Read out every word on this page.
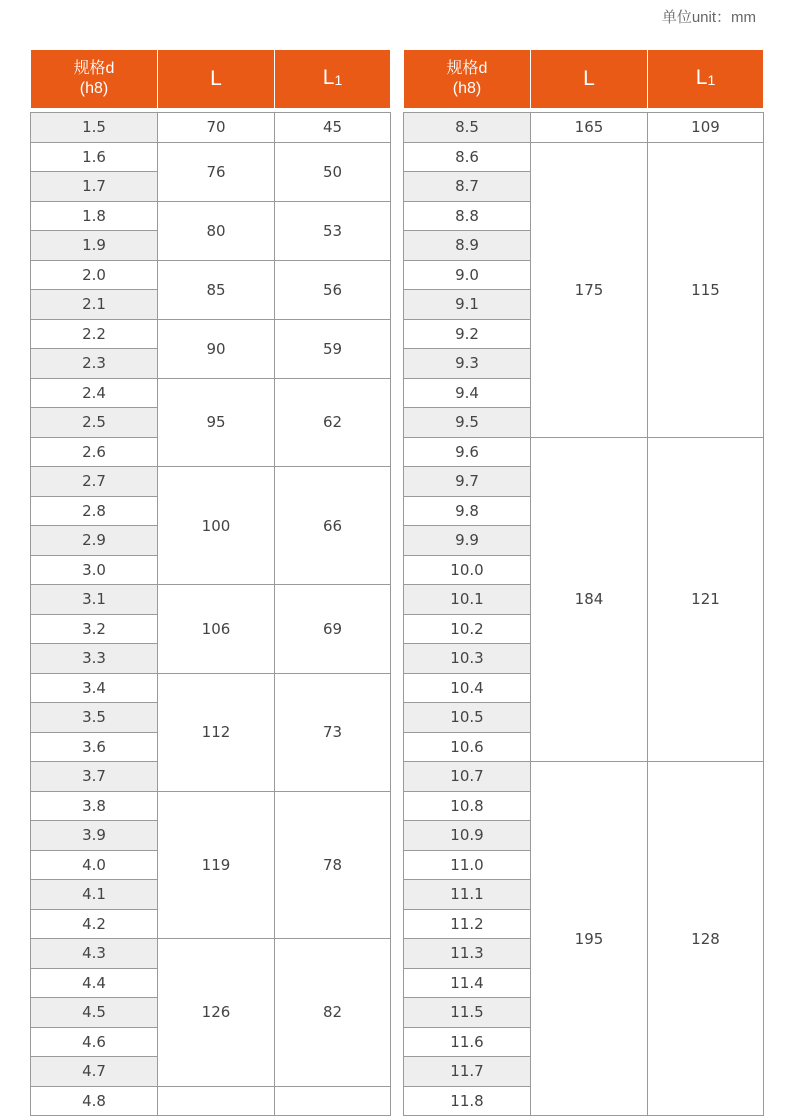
单位unit：mm
规格d
(h8)	L	$L_1$

1.5	70	45
1.6	76	50
1.7		
1.8	80	53
1.9		
2.0	85	56
2.1		
2.2	90	59
2.3		
2.4	95	62
2.5		
2.6		
2.7	100	66
2.8		
2.9		
3.0		
3.1	106	69
3.2		
3.3		
3.4	112	73
3.5		
3.6		
3.7		
3.8	119	78
3.9		
4.0		
4.1		
4.2		
4.3	126	82
4.4		
4.5		
4.6		
4.7		
4.8		
规格d
(h8)	L	$L_1$

8.5	165	109
8.6	175	115
8.7		
8.8		
8.9		
9.0		
9.1		
9.2		
9.3		
9.4		
9.5		
9.6	184	121
9.7		
9.8		
9.9		
10.0		
10.1		
10.2		
10.3		
10.4		
10.5		
10.6		
10.7	195	128
10.8		
10.9		
11.0		
11.1		
11.2		
11.3		
11.4		
11.5		
11.6		
11.7		
11.8		
